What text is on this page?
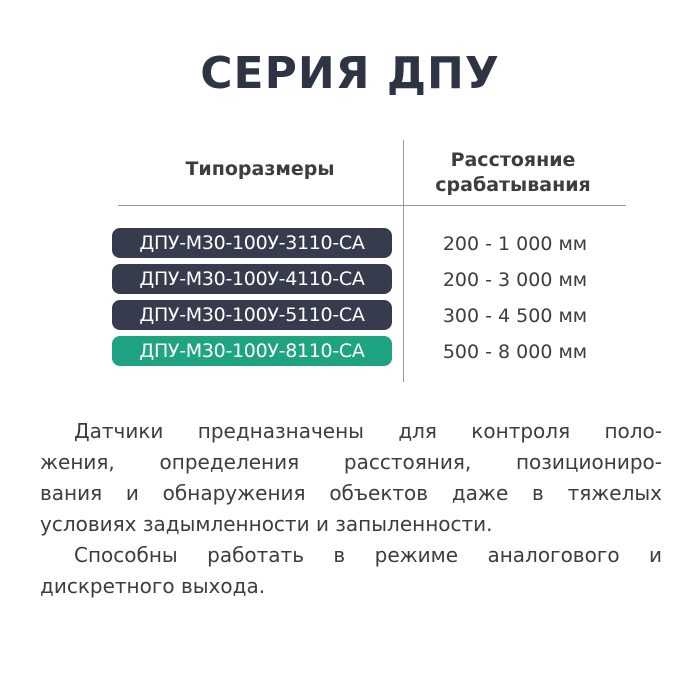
СЕРИЯ ДПУ
Типоразмеры	Расстояние
срабатывания
ДПУ-М30-100У-3110-СА	200 - 1 000 мм
ДПУ-М30-100У-4110-СА	200 - 3 000 мм
ДПУ-М30-100У-5110-СА	300 - 4 500 мм
ДПУ-М30-100У-8110-СА	500 - 8 000 мм

Датчики предназначены для контроля поло-
жения, определения расстояния, позициониро-
вания и обнаружения объектов даже в тяжелых
условиях задымленности и запыленности.

Способны работать в режиме аналогового и
дискретного выхода.
